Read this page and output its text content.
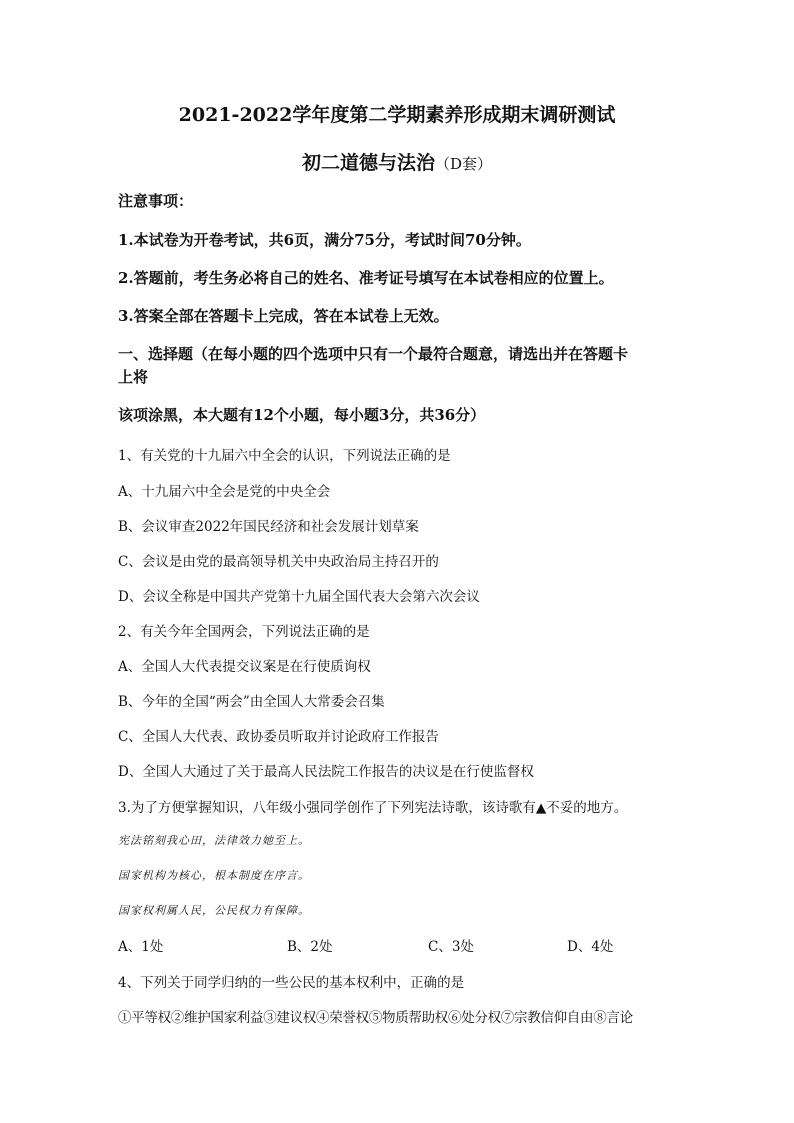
2021-2022学年度第二学期素养形成期末调研测试
初二道德与法治（D套）
注意事项：
1.本试卷为开卷考试，共6页，满分75分，考试时间70分钟。
2.答题前，考生务必将自己的姓名、准考证号填写在本试卷相应的位置上。
3.答案全部在答题卡上完成，答在本试卷上无效。
一、选择题（在每小题的四个选项中只有一个最符合题意，请选出并在答题卡
上将
该项涂黑，本大题有12个小题，每小题3分，共36分）
1、有关党的十九届六中全会的认识，下列说法正确的是
A、十九届六中全会是党的中央全会
B、会议审查2022年国民经济和社会发展计划草案
C、会议是由党的最高领导机关中央政治局主持召开的
D、会议全称是中国共产党第十九届全国代表大会第六次会议
2、有关今年全国两会，下列说法正确的是
A、全国人大代表提交议案是在行使质询权
B、今年的全国“两会”由全国人大常委会召集
C、全国人大代表、政协委员听取并讨论政府工作报告
D、全国人大通过了关于最高人民法院工作报告的决议是在行使监督权
3.为了方便掌握知识，八年级小强同学创作了下列宪法诗歌，该诗歌有▲不妥的地方。
宪法铭刻我心田，法律效力她至上。
国家机构为核心，根本制度在序言。
国家权利属人民，公民权力有保障。
A、1处	B、2处	C、3处	D、4处
4、下列关于同学归纳的一些公民的基本权利中，正确的是
①平等权②维护国家利益③建议权④荣誉权⑤物质帮助权⑥处分权⑦宗教信仰自由⑧言论
